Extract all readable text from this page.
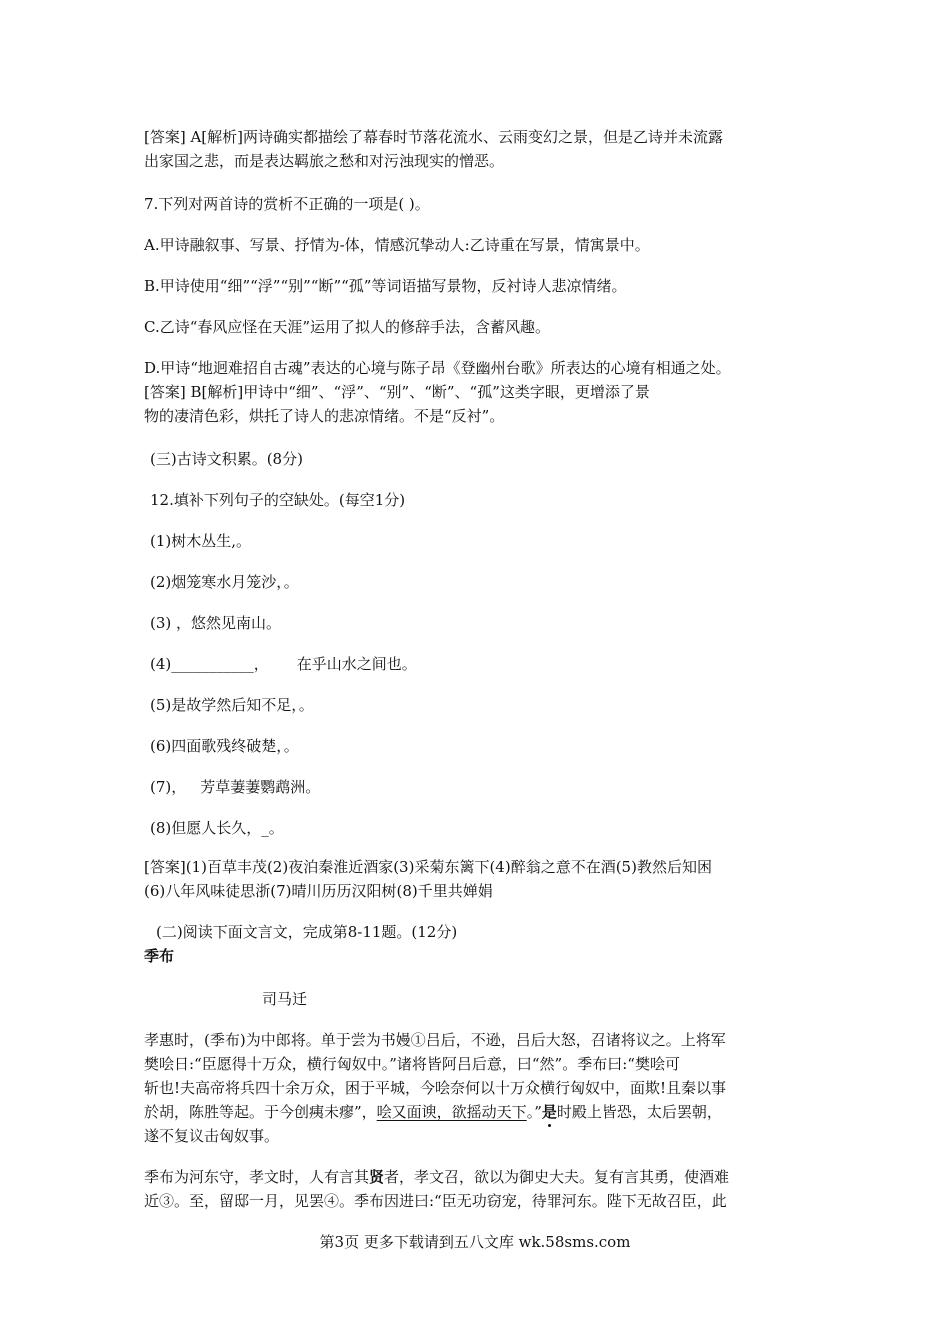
[答案] A[解析]两诗确实都描绘了幕春时节落花流水、云雨变幻之景，但是乙诗并未流露

出家国之悲，而是表达羁旅之愁和对污浊现实的憎恶。

7.下列对两首诗的赏析不正确的一项是( )。

A.甲诗融叙事、写景、抒情为-体，情感沉挚动人:乙诗重在写景，情寓景中。

B.甲诗使用“细”“浮”“别”“断”“孤”等词语描写景物，反衬诗人悲凉情绪。

C.乙诗“春风应怪在天涯”运用了拟人的修辞手法，含蓄风趣。

D.甲诗“地迥难招自古魂”表达的心境与陈子昂《登幽州台歌》所表达的心境有相通之处。

[答案] B[解析]甲诗中“细”、“浮”、“别”、“断”、“孤”这类字眼，更增添了景

物的凄清色彩，烘托了诗人的悲凉情绪。不是“反衬”。

(三)古诗文积累。(8分)

12.填补下列句子的空缺处。(每空1分)

(1)树木丛生,。

(2)烟笼寒水月笼沙，。

(3) ，悠然见南山。

(4)___________， 在乎山水之间也。

(5)是故学然后知不足，。

(6)四面歌残终破楚，。

(7)， 芳草萋萋鹦鹉洲。

(8)但愿人长久，_。

[答案](1)百草丰茂(2)夜泊秦淮近酒家(3)采菊东篱下(4)醉翁之意不在酒(5)教然后知困

(6)八年风味徒思浙(7)晴川历历汉阳树(8)千里共婵娟

(二)阅读下面文言文，完成第8-11题。(12分)

季布

司马迁

孝惠时，(季布)为中郎将。单于尝为书嫚①吕后，不逊，吕后大怒，召诸将议之。上将军

樊哙日:“臣愿得十万众，横行匈奴中。”诸将皆阿吕后意，曰“然”。季布曰:“樊哙可

斩也!夫高帝将兵四十余万众，困于平城，今哙奈何以十万众横行匈奴中，面欺!且秦以事

於胡，陈胜等起。于今创痍未瘳”，哙又面谀，欲摇动天下。”是时殿上皆恐，太后罢朝，

遂不复议击匈奴事。

季布为河东守，孝文时，人有言其贤者，孝文召，欲以为御史大夫。复有言其勇，使酒难

近③。至，留邸一月，见罢④。季布因进曰:“臣无功窃宠，待罪河东。陛下无故召臣，此

第3页 更多下载请到五八文库 wk.58sms.com
